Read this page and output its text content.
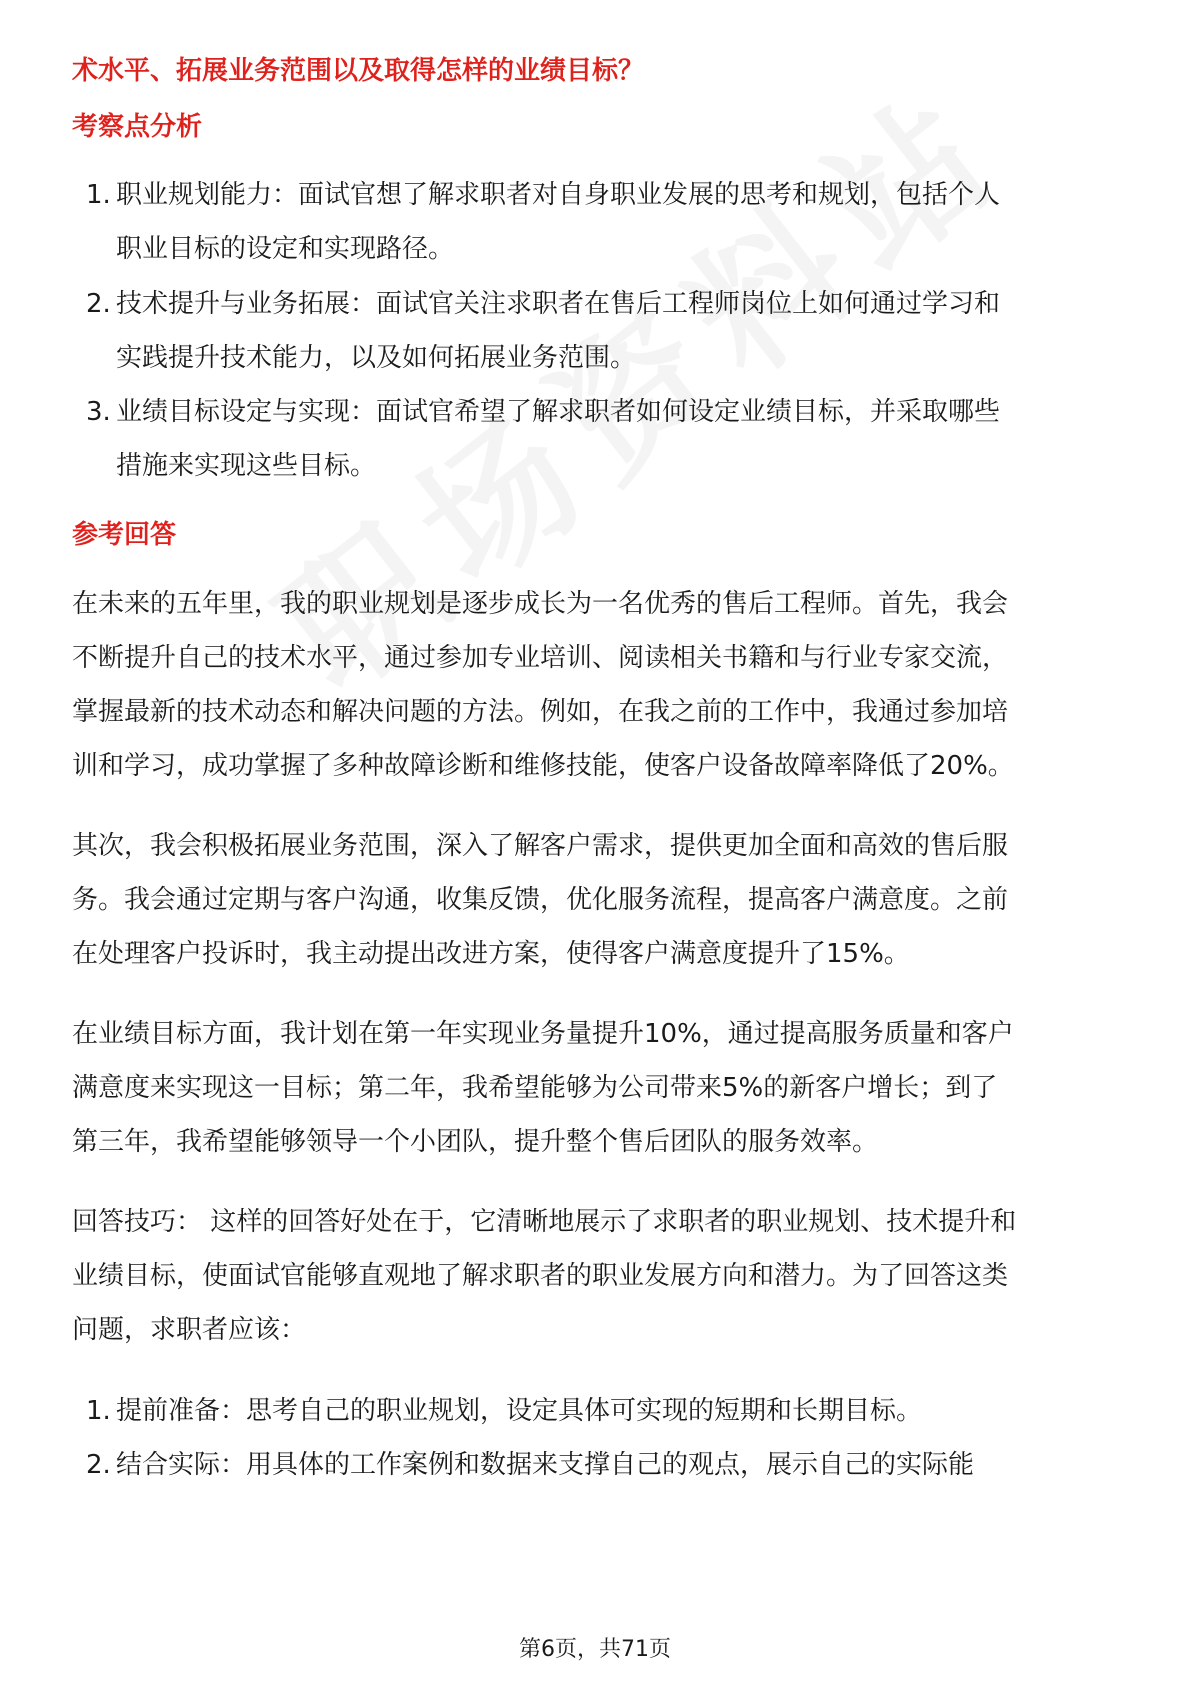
术水平、拓展业务范围以及取得怎样的业绩目标？

考察点分析

1. 职业规划能力：面试官想了解求职者对自身职业发展的思考和规划，包括个人

职业目标的设定和实现路径。

2. 技术提升与业务拓展：面试官关注求职者在售后工程师岗位上如何通过学习和

实践提升技术能力，以及如何拓展业务范围。

3. 业绩目标设定与实现：面试官希望了解求职者如何设定业绩目标，并采取哪些

措施来实现这些目标。

参考回答

在未来的五年里，我的职业规划是逐步成长为一名优秀的售后工程师。首先，我会

不断提升自己的技术水平，通过参加专业培训、阅读相关书籍和与行业专家交流，

掌握最新的技术动态和解决问题的方法。例如，在我之前的工作中，我通过参加培

训和学习，成功掌握了多种故障诊断和维修技能，使客户设备故障率降低了20%。

其次，我会积极拓展业务范围，深入了解客户需求，提供更加全面和高效的售后服

务。我会通过定期与客户沟通，收集反馈，优化服务流程，提高客户满意度。之前

在处理客户投诉时，我主动提出改进方案，使得客户满意度提升了15%。

在业绩目标方面，我计划在第一年实现业务量提升10%，通过提高服务质量和客户

满意度来实现这一目标；第二年，我希望能够为公司带来5%的新客户增长；到了

第三年，我希望能够领导一个小团队，提升整个售后团队的服务效率。

回答技巧： 这样的回答好处在于，它清晰地展示了求职者的职业规划、技术提升和

业绩目标，使面试官能够直观地了解求职者的职业发展方向和潜力。为了回答这类

问题，求职者应该：

1. 提前准备：思考自己的职业规划，设定具体可实现的短期和长期目标。

2. 结合实际：用具体的工作案例和数据来支撑自己的观点，展示自己的实际能

第6页，共71页
